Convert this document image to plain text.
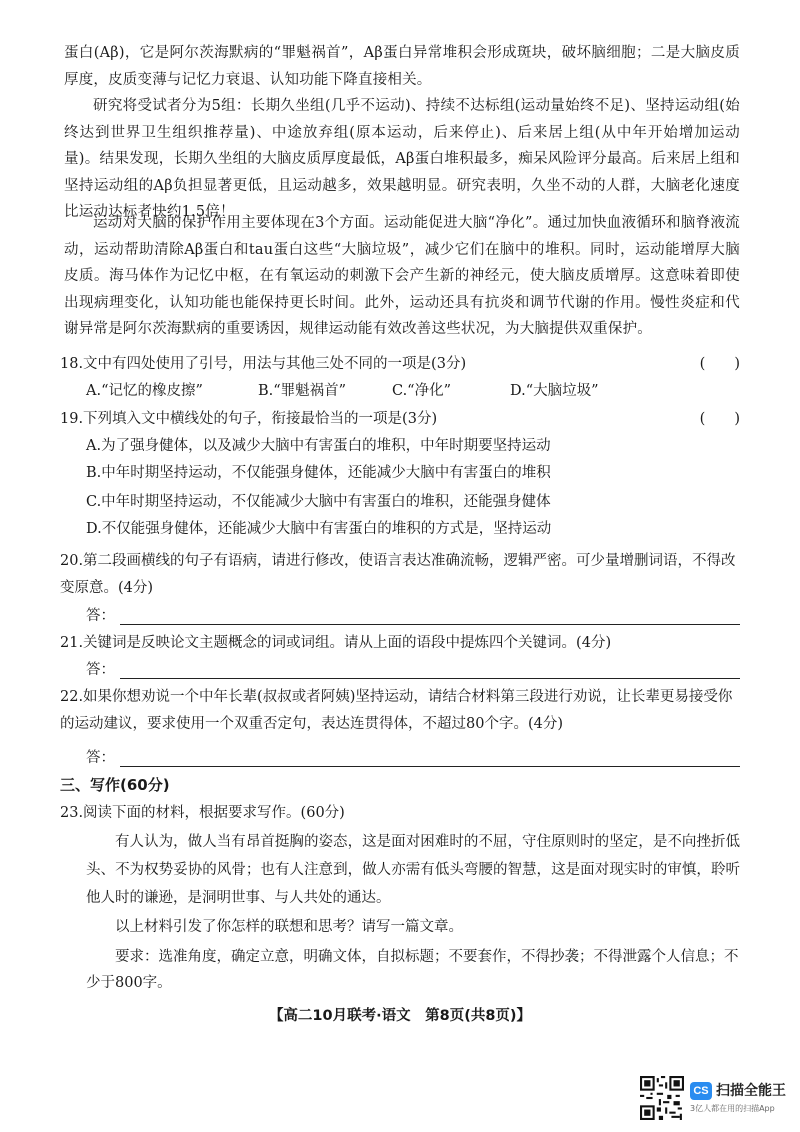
蛋白(Aβ)，它是阿尔茨海默病的“罪魁祸首”，Aβ蛋白异常堆积会形成斑块，破坏脑细胞；二是大脑皮质厚度，皮质变薄与记忆力衰退、认知功能下降直接相关。
研究将受试者分为5组：长期久坐组(几乎不运动)、持续不达标组(运动量始终不足)、坚持运动组(始终达到世界卫生组织推荐量)、中途放弃组(原本运动，后来停止)、后来居上组(从中年开始增加运动量)。结果发现，长期久坐组的大脑皮质厚度最低，Aβ蛋白堆积最多，痴呆风险评分最高。后来居上组和坚持运动组的Aβ负担显著更低，且运动越多，效果越明显。研究表明，久坐不动的人群，大脑老化速度比运动达标者快约1.5倍！
运动对大脑的保护作用主要体现在3个方面。运动能促进大脑“净化”。通过加快血液循环和脑脊液流动，运动帮助清除Aβ蛋白和tau蛋白这些“大脑垃圾”，减少它们在脑中的堆积。同时，运动能增厚大脑皮质。海马体作为记忆中枢，在有氧运动的刺激下会产生新的神经元，使大脑皮质增厚。这意味着即使出现病理变化，认知功能也能保持更长时间。此外，运动还具有抗炎和调节代谢的作用。慢性炎症和代谢异常是阿尔茨海默病的重要诱因，规律运动能有效改善这些状况，为大脑提供双重保护。
18.文中有四处使用了引号，用法与其他三处不同的一项是(3分)	(　　)
A.“记忆的橡皮擦”	B.“罪魁祸首”	C.“净化”	D.“大脑垃圾”
19.下列填入文中横线处的句子，衔接最恰当的一项是(3分)	(　　)
A.为了强身健体，以及减少大脑中有害蛋白的堆积，中年时期要坚持运动
B.中年时期坚持运动，不仅能强身健体，还能减少大脑中有害蛋白的堆积
C.中年时期坚持运动，不仅能减少大脑中有害蛋白的堆积，还能强身健体
D.不仅能强身健体，还能减少大脑中有害蛋白的堆积的方式是，坚持运动
20.第二段画横线的句子有语病，请进行修改，使语言表达准确流畅，逻辑严密。可少量增删词语，不得改变原意。(4分)
答：
21.关键词是反映论文主题概念的词或词组。请从上面的语段中提炼四个关键词。(4分)
答：
22.如果你想劝说一个中年长辈(叔叔或者阿姨)坚持运动，请结合材料第三段进行劝说，让长辈更易接受你的运动建议，要求使用一个双重否定句，表达连贯得体，不超过80个字。(4分)
答：
三、写作(60分)
23.阅读下面的材料，根据要求写作。(60分)
有人认为，做人当有昂首挺胸的姿态，这是面对困难时的不屈，守住原则时的坚定，是不向挫折低头、不为权势妥协的风骨；也有人注意到，做人亦需有低头弯腰的智慧，这是面对现实时的审慎，聆听他人时的谦逊，是洞明世事、与人共处的通达。
以上材料引发了你怎样的联想和思考？请写一篇文章。
要求：选准角度，确定立意，明确文体，自拟标题；不要套作，不得抄袭；不得泄露个人信息；不少于800字。
【高二10月联考·语文　第8页(共8页)】
CS 扫描全能王
3亿人都在用的扫描App
